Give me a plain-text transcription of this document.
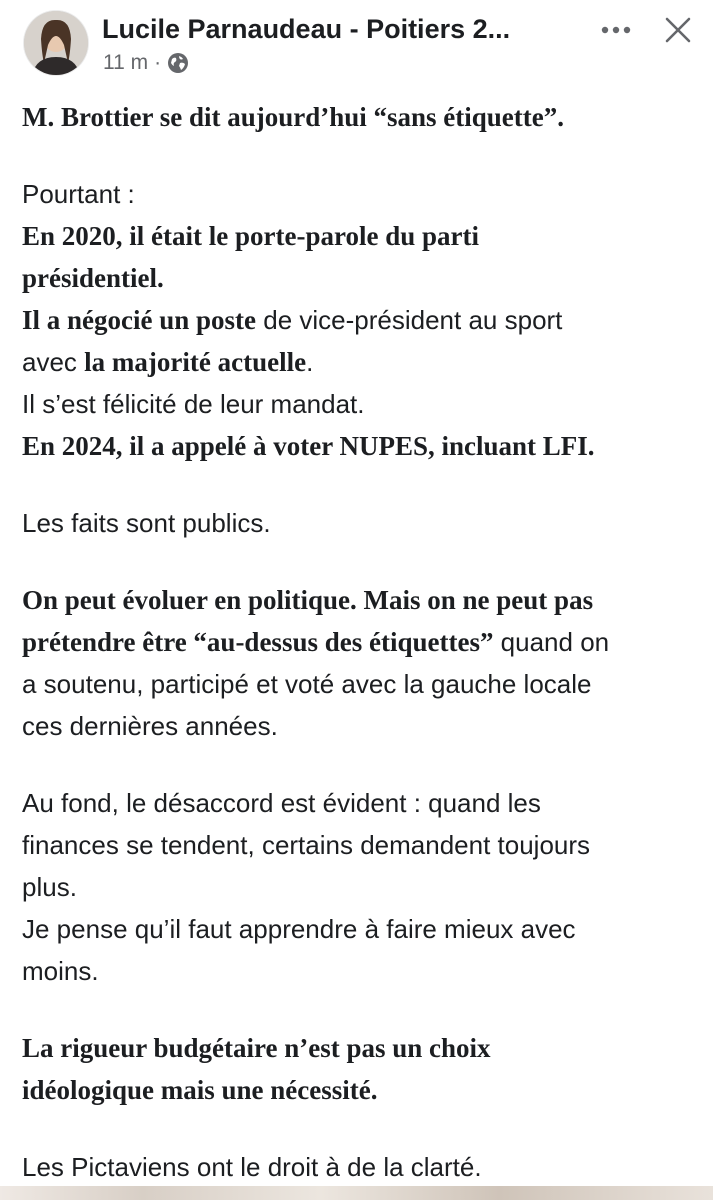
Lucile Parnaudeau - Poitiers 2...
11 m ·
M. Brottier se dit aujourd’hui “sans étiquette”.
Pourtant :
En 2020, il était le porte-parole du parti
présidentiel.
Il a négocié un poste de vice-président au sport
avec la majorité actuelle.
Il s’est félicité de leur mandat.
En 2024, il a appelé à voter NUPES, incluant LFI.
Les faits sont publics.
On peut évoluer en politique. Mais on ne peut pas
prétendre être “au-dessus des étiquettes” quand on
a soutenu, participé et voté avec la gauche locale
ces dernières années.
Au fond, le désaccord est évident : quand les
finances se tendent, certains demandent toujours
plus.
Je pense qu’il faut apprendre à faire mieux avec
moins.
La rigueur budgétaire n’est pas un choix
idéologique mais une nécessité.
Les Pictaviens ont le droit à de la clarté.
